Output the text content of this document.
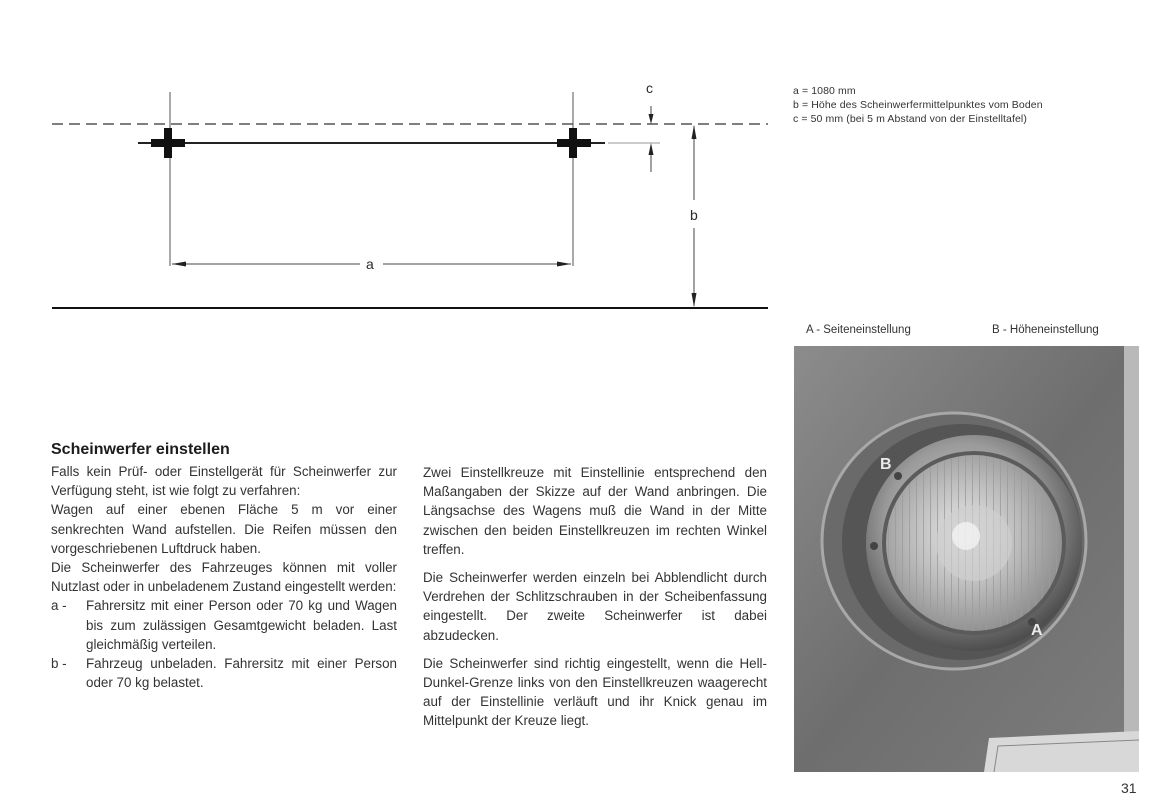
a
c
b
a = 1080 mm
b = Höhe des Scheinwerfermittelpunktes vom Boden
c = 50 mm (bei 5 m Abstand von der Einstelltafel)
A - Seiteneinstellung	B - Höheneinstellung
B
A
Scheinwerfer einstellen

Falls kein Prüf- oder Einstellgerät für Scheinwerfer zur Verfügung steht, ist wie folgt zu verfahren:

Wagen auf einer ebenen Fläche 5 m vor einer senkrechten Wand aufstellen. Die Reifen müssen den vorgeschriebenen Luftdruck haben.

Die Scheinwerfer des Fahrzeuges können mit voller Nutzlast oder in unbeladenem Zustand eingestellt werden:

a - Fahrersitz mit einer Person oder 70 kg und Wagen bis zum zulässigen Gesamtgewicht beladen. Last gleichmäßig verteilen.
b - Fahrzeug unbeladen. Fahrersitz mit einer Person oder 70 kg belastet.

Zwei Einstellkreuze mit Einstellinie entsprechend den Maßangaben der Skizze auf der Wand anbringen. Die Längsachse des Wagens muß die Wand in der Mitte zwischen den beiden Einstellkreuzen im rechten Winkel treffen.

Die Scheinwerfer werden einzeln bei Abblendlicht durch Verdrehen der Schlitzschrauben in der Scheibenfassung eingestellt. Der zweite Scheinwerfer ist dabei abzudecken.

Die Scheinwerfer sind richtig eingestellt, wenn die Hell-Dunkel-Grenze links von den Einstellkreuzen waagerecht auf der Einstellinie verläuft und ihr Knick genau im Mittelpunkt der Kreuze liegt.

31
